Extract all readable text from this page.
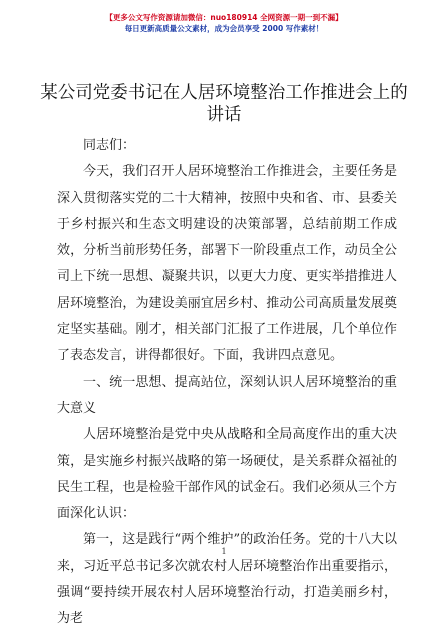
【更多公文写作资源请加微信：nuo180914 全网资源一期一到不漏】
每日更新高质量公文素材，成为会员享受 2000 写作素材！
某公司党委书记在人居环境整治工作推进会上的讲话

同志们：

今天，我们召开人居环境整治工作推进会，主要任务是深入贯彻落实党的二十大精神，按照中央和省、市、县委关于乡村振兴和生态文明建设的决策部署，总结前期工作成效，分析当前形势任务，部署下一阶段重点工作，动员全公司上下统一思想、凝聚共识，以更大力度、更实举措推进人居环境整治，为建设美丽宜居乡村、推动公司高质量发展奠定坚实基础。刚才，相关部门汇报了工作进展，几个单位作了表态发言，讲得都很好。下面，我讲四点意见。

一、统一思想、提高站位，深刻认识人居环境整治的重大意义

人居环境整治是党中央从战略和全局高度作出的重大决策，是实施乡村振兴战略的第一场硬仗，是关系群众福祉的民生工程，也是检验干部作风的试金石。我们必须从三个方面深化认识：

第一，这是践行“两个维护”的政治任务。党的十八大以来，习近平总书记多次就农村人居环境整治作出重要指示，强调“要持续开展农村人居环境整治行动，打造美丽乡村，为老

1
